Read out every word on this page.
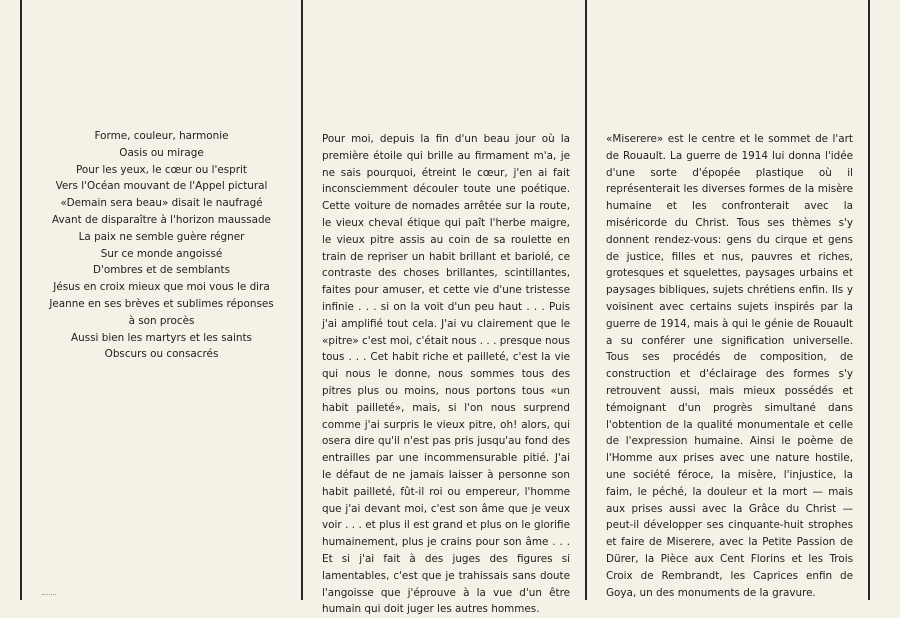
Forme, couleur, harmonie
Oasis ou mirage
Pour les yeux, le cœur ou l'esprit
Vers l'Océan mouvant de l'Appel pictural
«Demain sera beau» disait le naufragé
Avant de disparaître à l'horizon maussade
La paix ne semble guère régner
Sur ce monde angoissé
D'ombres et de semblants
Jésus en croix mieux que moi vous le dira
Jeanne en ses brèves et sublimes réponses
à son procès
Aussi bien les martyrs et les saints
Obscurs ou consacrés
Pour moi, depuis la fin d'un beau jour où la première étoile qui brille au firmament m'a, je ne sais pourquoi, étreint le cœur, j'en ai fait inconsciemment découler toute une poétique. Cette voiture de nomades arrêtée sur la route, le vieux cheval étique qui paît l'herbe maigre, le vieux pitre assis au coin de sa roulette en train de repriser un habit brillant et bariolé, ce contraste des choses brillantes, scintillantes, faites pour amuser, et cette vie d'une tristesse infinie . . . si on la voit d'un peu haut . . . Puis j'ai amplifié tout cela. J'ai vu clairement que le «pitre» c'est moi, c'était nous . . . presque nous tous . . . Cet habit riche et pailleté, c'est la vie qui nous le donne, nous sommes tous des pitres plus ou moins, nous portons tous «un habit pailleté», mais, si l'on nous surprend comme j'ai surpris le vieux pitre, oh! alors, qui osera dire qu'il n'est pas pris jusqu'au fond des entrailles par une incommensurable pitié. J'ai le défaut de ne jamais laisser à personne son habit pailleté, fût-il roi ou empereur, l'homme que j'ai devant moi, c'est son âme que je veux voir . . . et plus il est grand et plus on le glorifie humainement, plus je crains pour son âme . . . Et si j'ai fait à des juges des figures si lamentables, c'est que je trahissais sans doute l'angoisse que j'éprouve à la vue d'un être humain qui doit juger les autres hommes.
«Miserere» est le centre et le sommet de l'art de Rouault. La guerre de 1914 lui donna l'idée d'une sorte d'épopée plastique où il représenterait les diverses formes de la misère humaine et les confronterait avec la miséricorde du Christ. Tous ses thèmes s'y donnent rendez-vous: gens du cirque et gens de justice, filles et nus, pauvres et riches, grotesques et squelettes, paysages urbains et paysages bibliques, sujets chrétiens enfin. Ils y voisinent avec certains sujets inspirés par la guerre de 1914, mais à qui le génie de Rouault a su conférer une signification universelle. Tous ses procédés de composition, de construction et d'éclairage des formes s'y retrouvent aussi, mais mieux possédés et témoignant d'un progrès simultané dans l'obtention de la qualité monumentale et celle de l'expression humaine. Ainsi le poème de l'Homme aux prises avec une nature hostile, une société féroce, la misère, l'injustice, la faim, le péché, la douleur et la mort — mais aux prises aussi avec la Grâce du Christ — peut-il développer ses cinquante-huit strophes et faire de Miserere, avec la Petite Passion de Dürer, la Pièce aux Cent Florins et les Trois Croix de Rembrandt, les Caprices enfin de Goya, un des monuments de la gravure.
